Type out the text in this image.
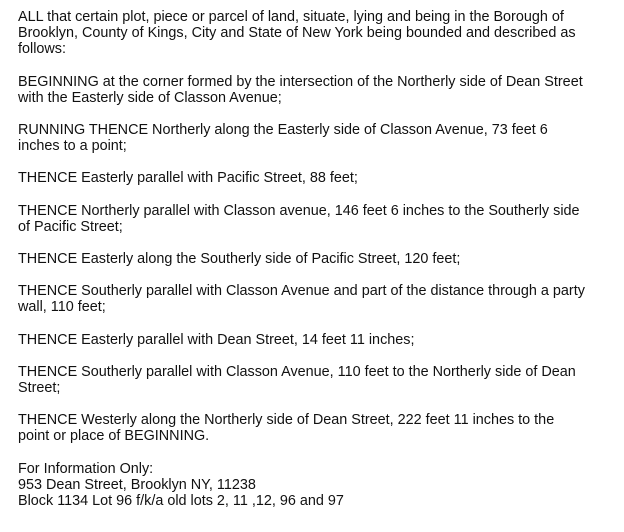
ALL that certain plot, piece or parcel of land, situate, lying and being in the Borough of
Brooklyn, County of Kings, City and State of New York being bounded and described as
follows:

BEGINNING at the corner formed by the intersection of the Northerly side of Dean Street
with the Easterly side of Classon Avenue;

RUNNING THENCE Northerly along the Easterly side of Classon Avenue, 73 feet 6
inches to a point;

THENCE Easterly parallel with Pacific Street, 88 feet;

THENCE Northerly parallel with Classon avenue, 146 feet 6 inches to the Southerly side
of Pacific Street;

THENCE Easterly along the Southerly side of Pacific Street, 120 feet;

THENCE Southerly parallel with Classon Avenue and part of the distance through a party
wall, 110 feet;

THENCE Easterly parallel with Dean Street, 14 feet 11 inches;

THENCE Southerly parallel with Classon Avenue, 110 feet to the Northerly side of Dean
Street;

THENCE Westerly along the Northerly side of Dean Street, 222 feet 11 inches to the
point or place of BEGINNING.

For Information Only:
953 Dean Street, Brooklyn NY, 11238
Block 1134 Lot 96 f/k/a old lots 2, 11 ,12, 96 and 97
